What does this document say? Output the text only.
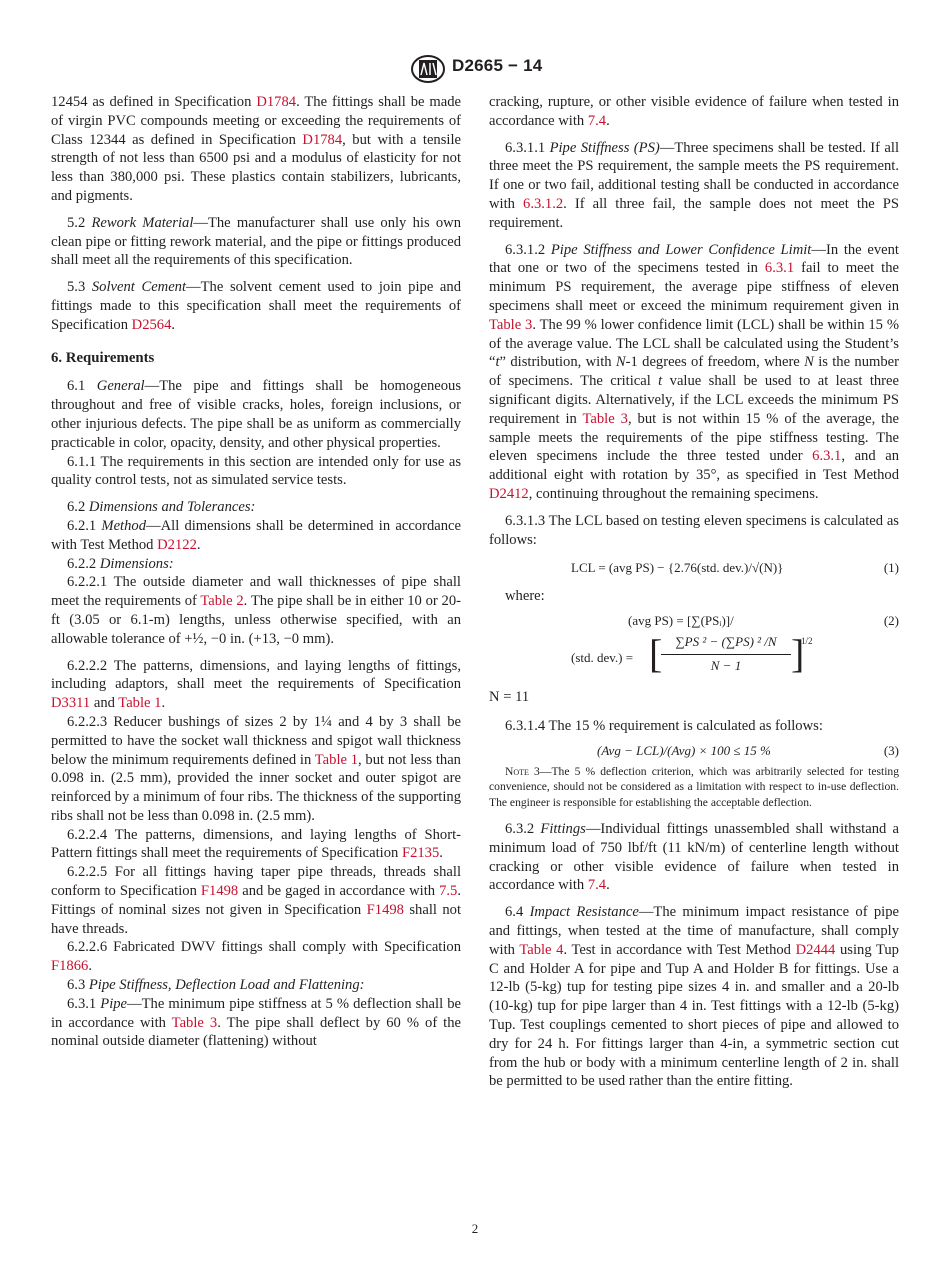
D2665 − 14

12454 as defined in Specification D1784. The fittings shall be made of virgin PVC compounds meeting or exceeding the requirements of Class 12344 as defined in Specification D1784, but with a tensile strength of not less than 6500 psi and a modulus of elasticity for not less than 380,000 psi. These plastics contain stabilizers, lubricants, and pigments.

5.2 Rework Material—The manufacturer shall use only his own clean pipe or fitting rework material, and the pipe or fittings produced shall meet all the requirements of this specification.

5.3 Solvent Cement—The solvent cement used to join pipe and fittings made to this specification shall meet the requirements of Specification D2564.

6. Requirements

6.1 General—The pipe and fittings shall be homogeneous throughout and free of visible cracks, holes, foreign inclusions, or other injurious defects. The pipe shall be as uniform as commercially practicable in color, opacity, density, and other physical properties.

6.1.1 The requirements in this section are intended only for use as quality control tests, not as simulated service tests.

6.2 Dimensions and Tolerances:

6.2.1 Method—All dimensions shall be determined in accordance with Test Method D2122.

6.2.2 Dimensions:

6.2.2.1 The outside diameter and wall thicknesses of pipe shall meet the requirements of Table 2. The pipe shall be in either 10 or 20-ft (3.05 or 6.1-m) lengths, unless otherwise specified, with an allowable tolerance of +½, −0 in. (+13, −0 mm).

6.2.2.2 The patterns, dimensions, and laying lengths of fittings, including adaptors, shall meet the requirements of Specification D3311 and Table 1.

6.2.2.3 Reducer bushings of sizes 2 by 1¼ and 4 by 3 shall be permitted to have the socket wall thickness and spigot wall thickness below the minimum requirements defined in Table 1, but not less than 0.098 in. (2.5 mm), provided the inner socket and outer spigot are reinforced by a minimum of four ribs. The thickness of the supporting ribs shall not be less than 0.098 in. (2.5 mm).

6.2.2.4 The patterns, dimensions, and laying lengths of Short-Pattern fittings shall meet the requirements of Specification F2135.

6.2.2.5 For all fittings having taper pipe threads, threads shall conform to Specification F1498 and be gaged in accordance with 7.5. Fittings of nominal sizes not given in Specification F1498 shall not have threads.

6.2.2.6 Fabricated DWV fittings shall comply with Specification F1866.

6.3 Pipe Stiffness, Deflection Load and Flattening:

6.3.1 Pipe—The minimum pipe stiffness at 5 % deflection shall be in accordance with Table 3. The pipe shall deflect by 60 % of the nominal outside diameter (flattening) without

cracking, rupture, or other visible evidence of failure when tested in accordance with 7.4.

6.3.1.1 Pipe Stiffness (PS)—Three specimens shall be tested. If all three meet the PS requirement, the sample meets the PS requirement. If one or two fail, additional testing shall be conducted in accordance with 6.3.1.2. If all three fail, the sample does not meet the PS requirement.

6.3.1.2 Pipe Stiffness and Lower Confidence Limit—In the event that one or two of the specimens tested in 6.3.1 fail to meet the minimum PS requirement, the average pipe stiffness of eleven specimens shall meet or exceed the minimum requirement given in Table 3. The 99 % lower confidence limit (LCL) shall be within 15 % of the average value. The LCL shall be calculated using the Student’s “t” distribution, with N-1 degrees of freedom, where N is the number of specimens. The critical t value shall be used to at least three significant digits. Alternatively, if the LCL exceeds the minimum PS requirement in Table 3, but is not within 15 % of the average, the sample meets the requirements of the pipe stiffness testing. The eleven specimens include the three tested under 6.3.1, and an additional eight with rotation by 35°, as specified in Test Method D2412, continuing throughout the remaining specimens.

6.3.1.3 The LCL based on testing eleven specimens is calculated as follows:

LCL = (avg PS) − {2.76(std. dev.)/√(N)}	(1)

where:

(avg PS) = [∑(PSᵢ)]/	(2)
(std. dev.) = [
$\frac{\text{∑PS ² − (∑PS) ² /N}}{N - 1}$ ]
1/2

N = 11

6.3.1.4 The 15 % requirement is calculated as follows:

(Avg − LCL)/(Avg) × 100 ≤ 15 %	(3)

Note 3—The 5 % deflection criterion, which was arbitrarily selected for testing convenience, should not be considered as a limitation with respect to in-use deflection. The engineer is responsible for establishing the acceptable deflection.

6.3.2 Fittings—Individual fittings unassembled shall withstand a minimum load of 750 lbf/ft (11 kN/m) of centerline length without cracking or other visible evidence of failure when tested in accordance with 7.4.

6.4 Impact Resistance—The minimum impact resistance of pipe and fittings, when tested at the time of manufacture, shall comply with Table 4. Test in accordance with Test Method D2444 using Tup C and Holder A for pipe and Tup A and Holder B for fittings. Use a 12-lb (5-kg) tup for testing pipe sizes 4 in. and smaller and a 20-lb (10-kg) tup for pipe larger than 4 in. Test fittings with a 12-lb (5-kg) Tup. Test couplings cemented to short pieces of pipe and allowed to dry for 24 h. For fittings larger than 4-in, a symmetric section cut from the hub or body with a minimum centerline length of 2 in. shall be permitted to be used rather than the entire fitting.

2
